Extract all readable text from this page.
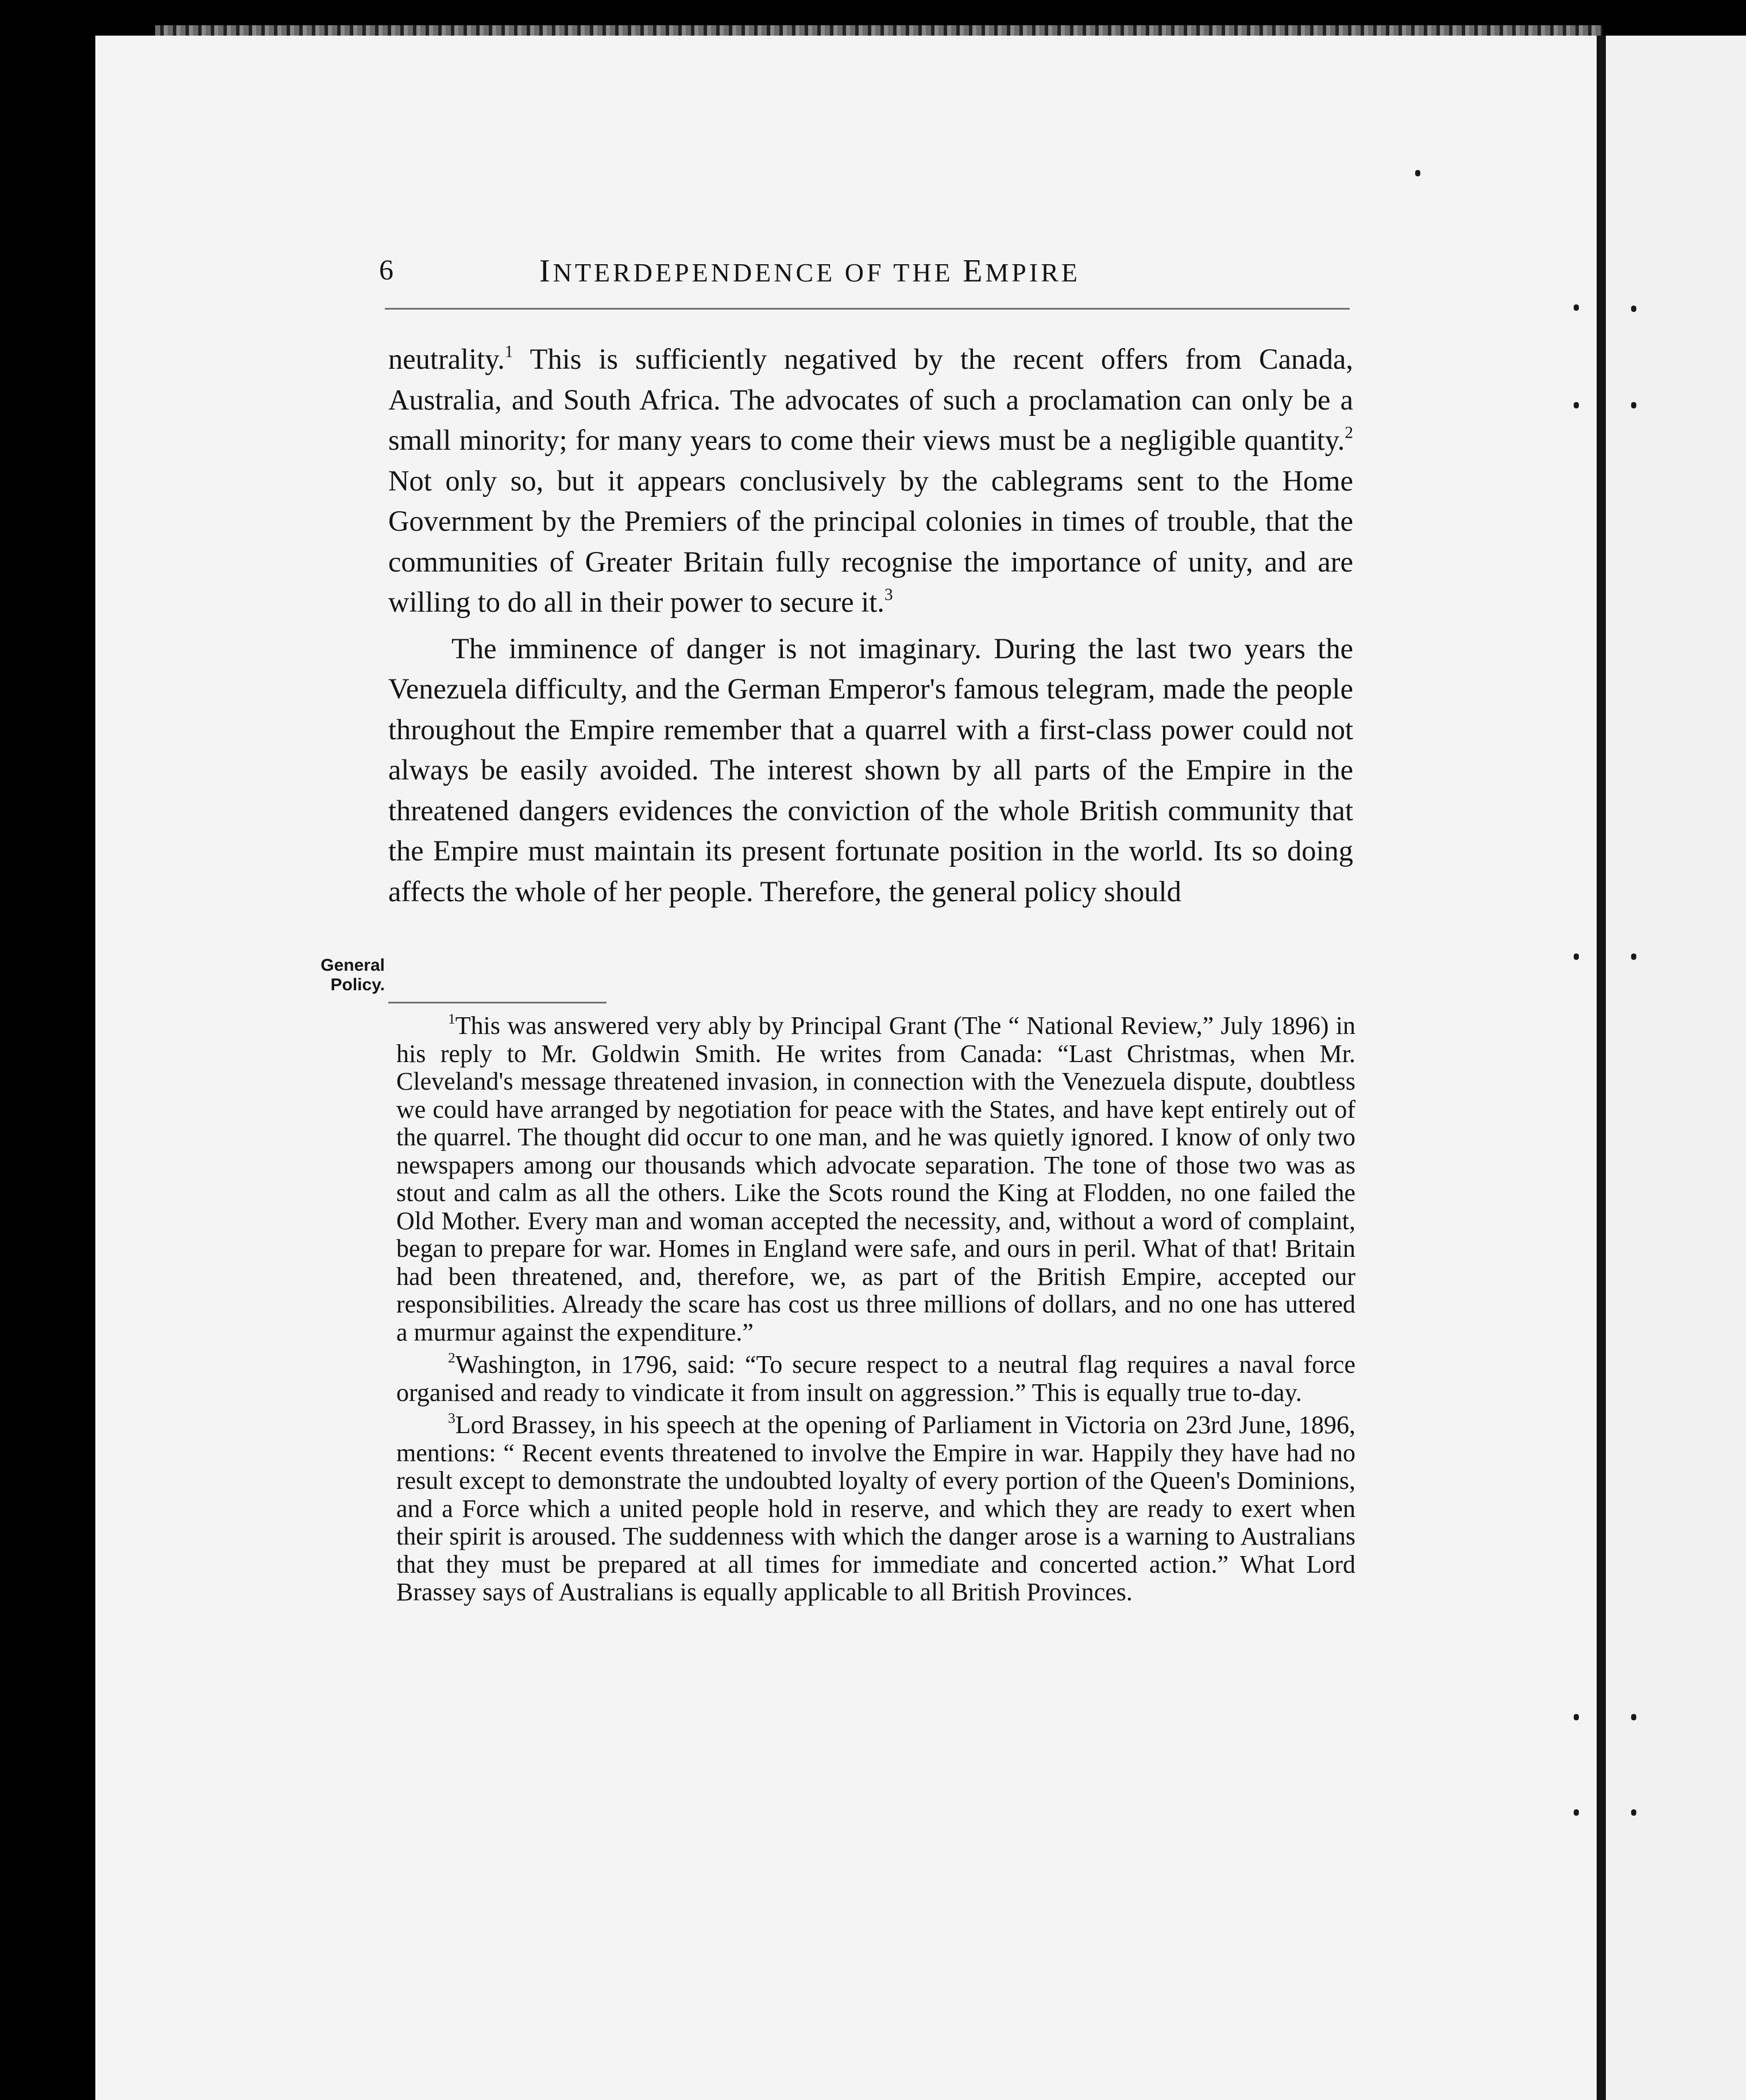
6	INTERDEPENDENCE OF THE EMPIRE
General
Policy.

neutrality.$^1$ This is sufficiently negatived by the recent offers from Canada, Australia, and South Africa. The advocates of such a proclamation can only be a small minority; for many years to come their views must be a negligible quantity.$^2$ Not only so, but it appears conclusively by the cablegrams sent to the Home Government by the Premiers of the principal colonies in times of trouble, that the communities of Greater Britain fully recognise the importance of unity, and are willing to do all in their power to secure it.$^3$

The imminence of danger is not imaginary. During the last two years the Venezuela difficulty, and the German Emperor's famous telegram, made the people throughout the Empire remember that a quarrel with a first-class power could not always be easily avoided. The interest shown by all parts of the Empire in the threatened dangers evidences the conviction of the whole British community that the Empire must maintain its present fortunate position in the world. Its so doing affects the whole of her people. Therefore, the general policy should

$^1$This was answered very ably by Principal Grant (The “ National Review,” July 1896) in his reply to Mr. Goldwin Smith. He writes from Canada: “Last Christmas, when Mr. Cleveland's message threatened invasion, in connection with the Venezuela dispute, doubtless we could have arranged by negotiation for peace with the States, and have kept entirely out of the quarrel. The thought did occur to one man, and he was quietly ignored. I know of only two newspapers among our thousands which advocate separation. The tone of those two was as stout and calm as all the others. Like the Scots round the King at Flodden, no one failed the Old Mother. Every man and woman accepted the necessity, and, without a word of complaint, began to prepare for war. Homes in England were safe, and ours in peril. What of that! Britain had been threatened, and, therefore, we, as part of the British Empire, accepted our responsibilities. Already the scare has cost us three millions of dollars, and no one has uttered a murmur against the expenditure.”

$^2$Washington, in 1796, said: “To secure respect to a neutral flag requires a naval force organised and ready to vindicate it from insult on aggression.” This is equally true to-day.

$^3$Lord Brassey, in his speech at the opening of Parliament in Victoria on 23rd June, 1896, mentions: “ Recent events threatened to involve the Empire in war. Happily they have had no result except to demonstrate the undoubted loyalty of every portion of the Queen's Dominions, and a Force which a united people hold in reserve, and which they are ready to exert when their spirit is aroused. The suddenness with which the danger arose is a warning to Australians that they must be prepared at all times for immediate and concerted action.” What Lord Brassey says of Australians is equally applicable to all British Provinces.
